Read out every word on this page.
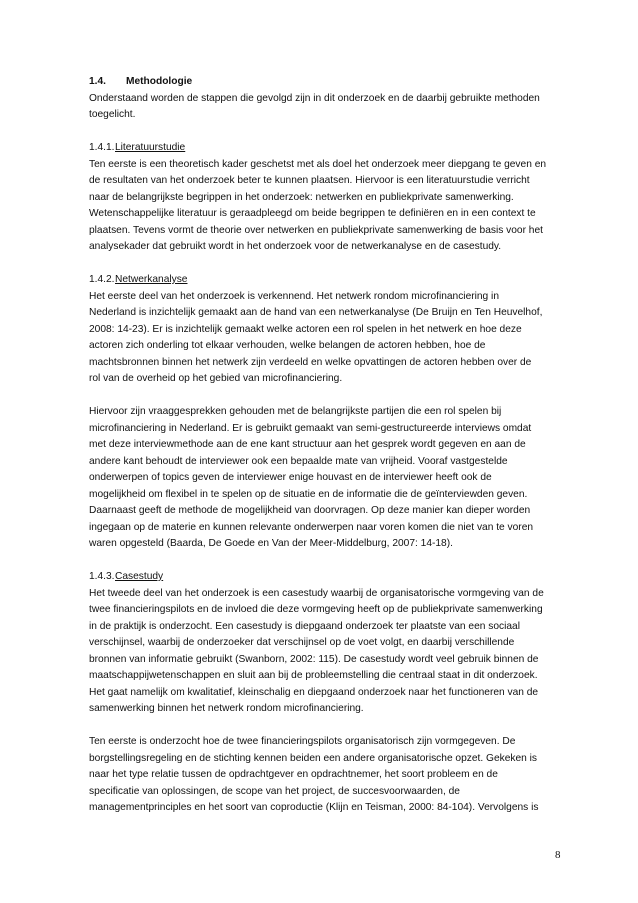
1.4. Methodologie

Onderstaand worden de stappen die gevolgd zijn in dit onderzoek en de daarbij gebruikte methoden
toegelicht.

1.4.1.Literatuurstudie

Ten eerste is een theoretisch kader geschetst met als doel het onderzoek meer diepgang te geven en
de resultaten van het onderzoek beter te kunnen plaatsen. Hiervoor is een literatuurstudie verricht
naar de belangrijkste begrippen in het onderzoek: netwerken en publiekprivate samenwerking.
Wetenschappelijke literatuur is geraadpleegd om beide begrippen te definiëren en in een context te
plaatsen. Tevens vormt de theorie over netwerken en publiekprivate samenwerking de basis voor het
analysekader dat gebruikt wordt in het onderzoek voor de netwerkanalyse en de casestudy.

1.4.2.Netwerkanalyse

Het eerste deel van het onderzoek is verkennend. Het netwerk rondom microfinanciering in
Nederland is inzichtelijk gemaakt aan de hand van een netwerkanalyse (De Bruijn en Ten Heuvelhof,
2008: 14-23). Er is inzichtelijk gemaakt welke actoren een rol spelen in het netwerk en hoe deze
actoren zich onderling tot elkaar verhouden, welke belangen de actoren hebben, hoe de
machtsbronnen binnen het netwerk zijn verdeeld en welke opvattingen de actoren hebben over de
rol van de overheid op het gebied van microfinanciering.

Hiervoor zijn vraaggesprekken gehouden met de belangrijkste partijen die een rol spelen bij
microfinanciering in Nederland. Er is gebruikt gemaakt van semi-gestructureerde interviews omdat
met deze interviewmethode aan de ene kant structuur aan het gesprek wordt gegeven en aan de
andere kant behoudt de interviewer ook een bepaalde mate van vrijheid. Vooraf vastgestelde
onderwerpen of topics geven de interviewer enige houvast en de interviewer heeft ook de
mogelijkheid om flexibel in te spelen op de situatie en de informatie die de geïnterviewden geven.
Daarnaast geeft de methode de mogelijkheid van doorvragen. Op deze manier kan dieper worden
ingegaan op de materie en kunnen relevante onderwerpen naar voren komen die niet van te voren
waren opgesteld (Baarda, De Goede en Van der Meer-Middelburg, 2007: 14-18).

1.4.3.Casestudy

Het tweede deel van het onderzoek is een casestudy waarbij de organisatorische vormgeving van de
twee financieringspilots en de invloed die deze vormgeving heeft op de publiekprivate samenwerking
in de praktijk is onderzocht. Een casestudy is diepgaand onderzoek ter plaatste van een sociaal
verschijnsel, waarbij de onderzoeker dat verschijnsel op de voet volgt, en daarbij verschillende
bronnen van informatie gebruikt (Swanborn, 2002: 115). De casestudy wordt veel gebruik binnen de
maatschappijwetenschappen en sluit aan bij de probleemstelling die centraal staat in dit onderzoek.
Het gaat namelijk om kwalitatief, kleinschalig en diepgaand onderzoek naar het functioneren van de
samenwerking binnen het netwerk rondom microfinanciering.

Ten eerste is onderzocht hoe de twee financieringspilots organisatorisch zijn vormgegeven. De
borgstellingsregeling en de stichting kennen beiden een andere organisatorische opzet. Gekeken is
naar het type relatie tussen de opdrachtgever en opdrachtnemer, het soort probleem en de
specificatie van oplossingen, de scope van het project, de succesvoorwaarden, de
managementprinciples en het soort van coproductie (Klijn en Teisman, 2000: 84-104). Vervolgens is

8
